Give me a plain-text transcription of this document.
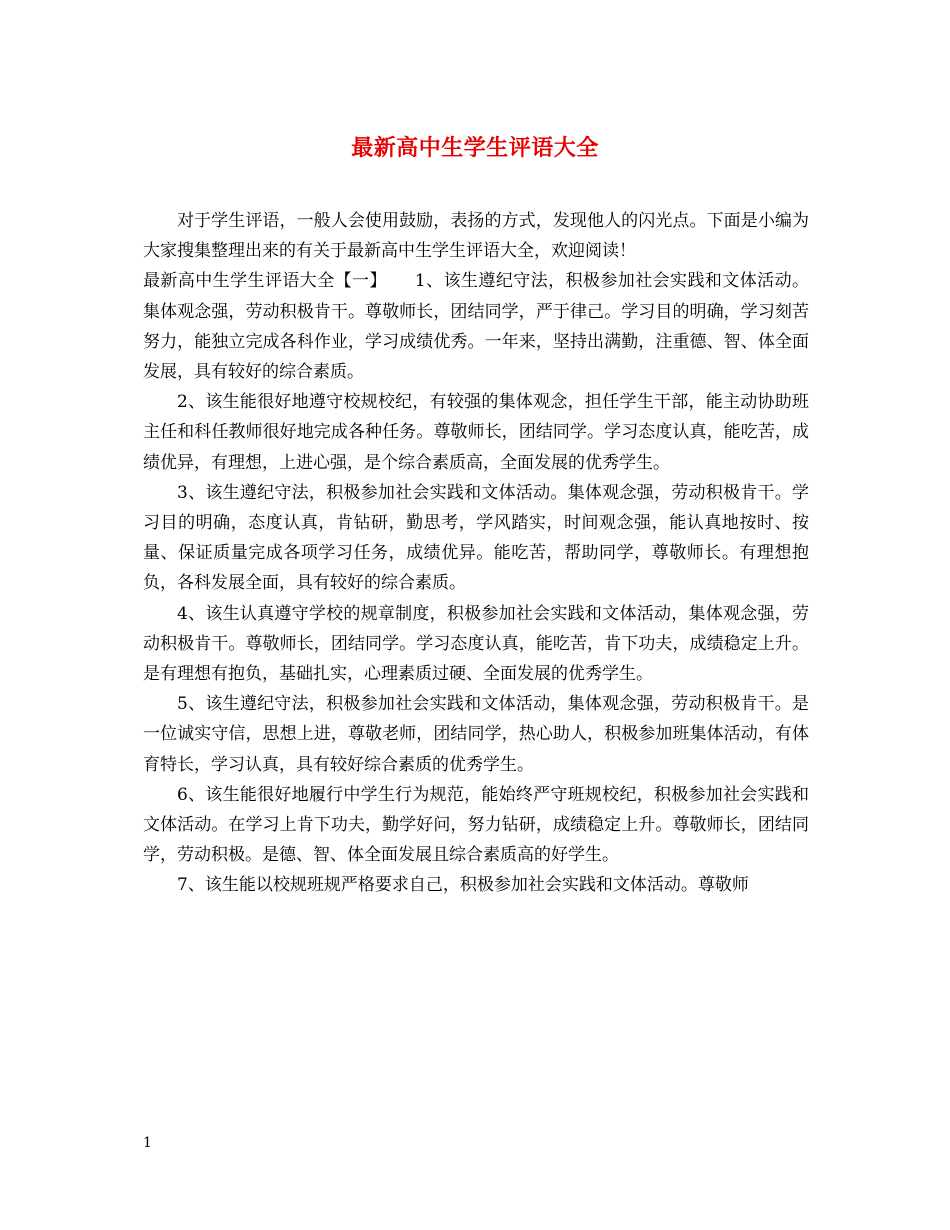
最新高中生学生评语大全

对于学生评语，一般人会使用鼓励，表扬的方式，发现他人的闪光点。下面是小编为大家搜集整理出来的有关于最新高中生学生评语大全，欢迎阅读！

最新高中生学生评语大全【一】 1、该生遵纪守法，积极参加社会实践和文体活动。集体观念强，劳动积极肯干。尊敬师长，团结同学，严于律己。学习目的明确，学习刻苦努力，能独立完成各科作业，学习成绩优秀。一年来，坚持出满勤，注重德、智、体全面发展，具有较好的综合素质。

2、该生能很好地遵守校规校纪，有较强的集体观念，担任学生干部，能主动协助班主任和科任教师很好地完成各种任务。尊敬师长，团结同学。学习态度认真，能吃苦，成绩优异，有理想，上进心强，是个综合素质高，全面发展的优秀学生。

3、该生遵纪守法，积极参加社会实践和文体活动。集体观念强，劳动积极肯干。学习目的明确，态度认真，肯钻研，勤思考，学风踏实，时间观念强，能认真地按时、按量、保证质量完成各项学习任务，成绩优异。能吃苦，帮助同学，尊敬师长。有理想抱负，各科发展全面，具有较好的综合素质。

4、该生认真遵守学校的规章制度，积极参加社会实践和文体活动，集体观念强，劳动积极肯干。尊敬师长，团结同学。学习态度认真，能吃苦，肯下功夫，成绩稳定上升。是有理想有抱负，基础扎实，心理素质过硬、全面发展的优秀学生。

5、该生遵纪守法，积极参加社会实践和文体活动，集体观念强，劳动积极肯干。是一位诚实守信，思想上进，尊敬老师，团结同学，热心助人，积极参加班集体活动，有体育特长，学习认真，具有较好综合素质的优秀学生。

6、该生能很好地履行中学生行为规范，能始终严守班规校纪，积极参加社会实践和文体活动。在学习上肯下功夫，勤学好问，努力钻研，成绩稳定上升。尊敬师长，团结同学，劳动积极。是德、智、体全面发展且综合素质高的好学生。

7、该生能以校规班规严格要求自己，积极参加社会实践和文体活动。尊敬师

1
